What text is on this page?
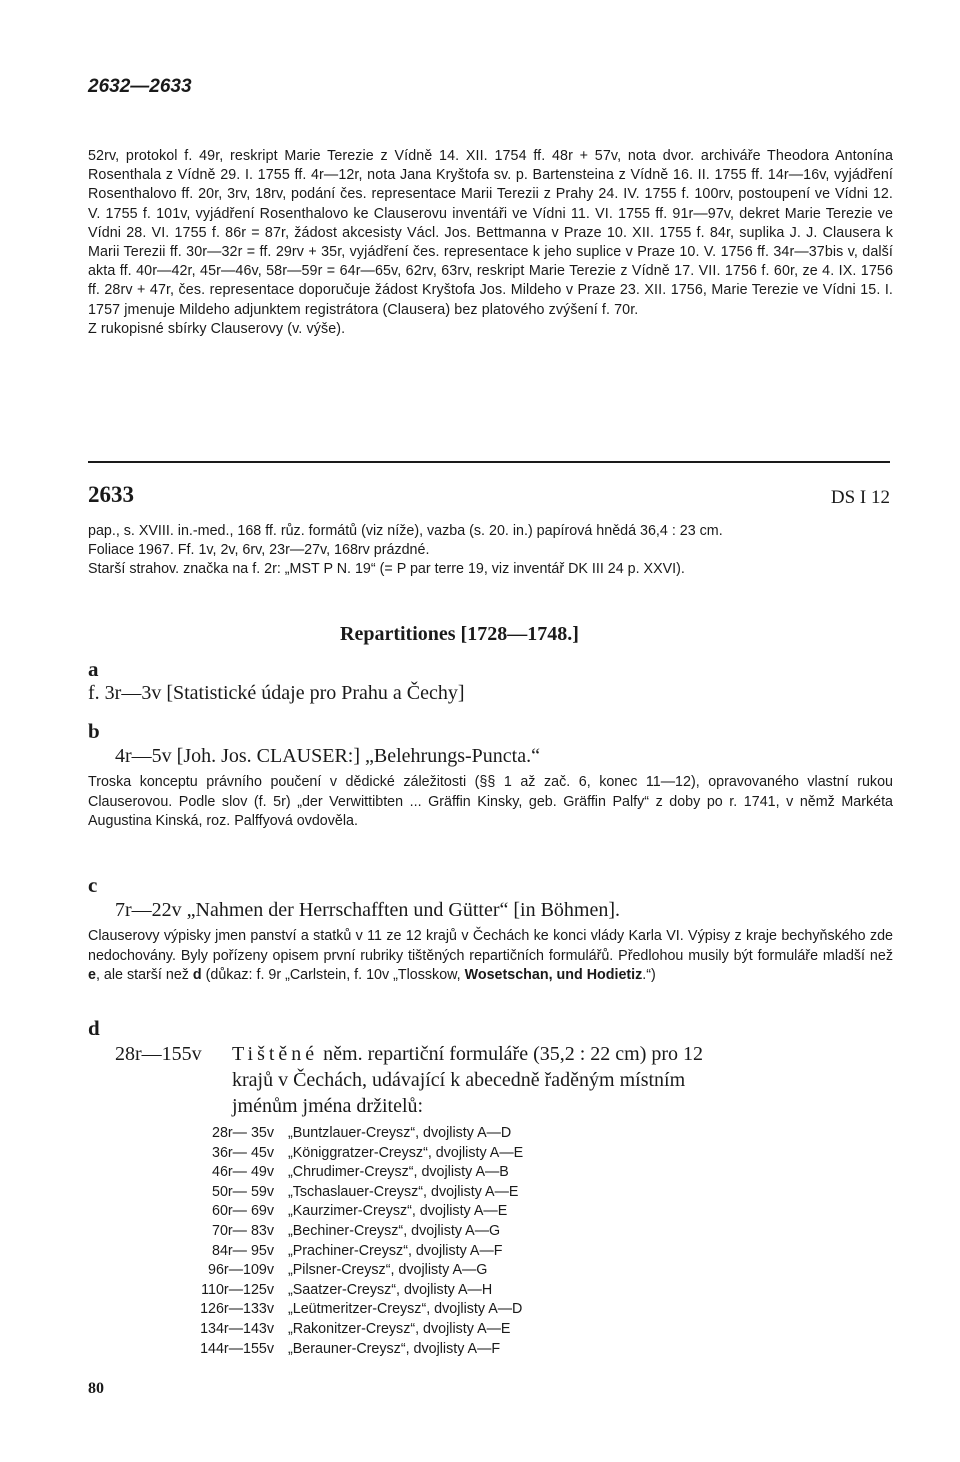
2632—2633

52rv, protokol f. 49r, reskript Marie Terezie z Vídně 14. XII. 1754 ff. 48r + 57v, nota dvor. archiváře Theodora Antonína Rosenthala z Vídně 29. I. 1755 ff. 4r—12r, nota Jana Kryštofa sv. p. Bartensteina z Vídně 16. II. 1755 ff. 14r—16v, vyjádření Rosenthalovo ff. 20r, 3rv, 18rv, podání čes. representace Marii Terezii z Prahy 24. IV. 1755 f. 100rv, postoupení ve Vídni 12. V. 1755 f. 101v, vyjádření Rosenthalovo ke Clauserovu inventáři ve Vídni 11. VI. 1755 ff. 91r—97v, dekret Marie Terezie ve Vídni 28. VI. 1755 f. 86r = 87r, žádost akcesisty Václ. Jos. Bettmanna v Praze 10. XII. 1755 f. 84r, suplika J. J. Clausera k Marii Terezii ff. 30r—32r = ff. 29rv + 35r, vyjádření čes. representace k jeho suplice v Praze 10. V. 1756 ff. 34r—37bis v, další akta ff. 40r—42r, 45r—46v, 58r—59r = 64r—65v, 62rv, 63rv, reskript Marie Terezie z Vídně 17. VII. 1756 f. 60r, ze 4. IX. 1756 ff. 28rv + 47r, čes. representace doporučuje žádost Kryštofa Jos. Mildeho v Praze 23. XII. 1756, Marie Terezie ve Vídni 15. I. 1757 jmenuje Mildeho adjunktem registrátora (Clausera) bez platového zvýšení f. 70r.

Z rukopisné sbírky Clauserovy (v. výše).

2633	DS I 12

pap., s. XVIII. in.-med., 168 ff. růz. formátů (viz níže), vazba (s. 20. in.) papírová hnědá 36,4 : 23 cm.

Foliace 1967. Ff. 1v, 2v, 6rv, 23r—27v, 168rv prázdné.

Starší strahov. značka na f. 2r: „MST P N. 19“ (= P par terre 19, viz inventář DK III 24 p. XXVI).

Repartitiones [1728—1748.]
a
f. 3r—3v [Statistické údaje pro Prahu a Čechy]
b
4r—5v [Joh. Jos. CLAUSER:] „Belehrungs-Puncta.“

Troska konceptu právního poučení v dědické záležitosti (§§ 1 až zač. 6, konec 11—12), opravovaného vlastní rukou Clauserovou. Podle slov (f. 5r) „der Verwittibten ... Gräffin Kinsky, geb. Gräffin Palfy“ z doby po r. 1741, v němž Markéta Augustina Kinská, roz. Palffyová ovdověla.

c
7r—22v „Nahmen der Herrschafften und Gütter“ [in Böhmen].

Clauserovy výpisky jmen panství a statků v 11 ze 12 krajů v Čechách ke konci vlády Karla VI. Výpisy z kraje bechyňského zde nedochovány. Byly pořízeny opisem první rubriky tištěných repartičních formulářů. Předlohou musily být formuláře mladší než e, ale starší než d (důkaz: f. 9r „Carlstein, f. 10v „Tlosskow, Wosetschan, und Hodietiz.“)

d
28r—155v Tištěné něm. repartiční formuláře (35,2 : 22 cm) pro 12
krajů v Čechách, udávající k abecedně řaděným místním
jménům jména držitelů:
28r— 35v „Buntzlauer-Creysz“, dvojlisty A—D
36r— 45v „Königgratzer-Creysz“, dvojlisty A—E
46r— 49v „Chrudimer-Creysz“, dvojlisty A—B
50r— 59v „Tschaslauer-Creysz“, dvojlisty A—E
60r— 69v „Kaurzimer-Creysz“, dvojlisty A—E
70r— 83v „Bechiner-Creysz“, dvojlisty A—G
84r— 95v „Prachiner-Creysz“, dvojlisty A—F
96r—109v „Pilsner-Creysz“, dvojlisty A—G
110r—125v „Saatzer-Creysz“, dvojlisty A—H
126r—133v „Leütmeritzer-Creysz“, dvojlisty A—D
134r—143v „Rakonitzer-Creysz“, dvojlisty A—E
144r—155v „Berauner-Creysz“, dvojlisty A—F
80
